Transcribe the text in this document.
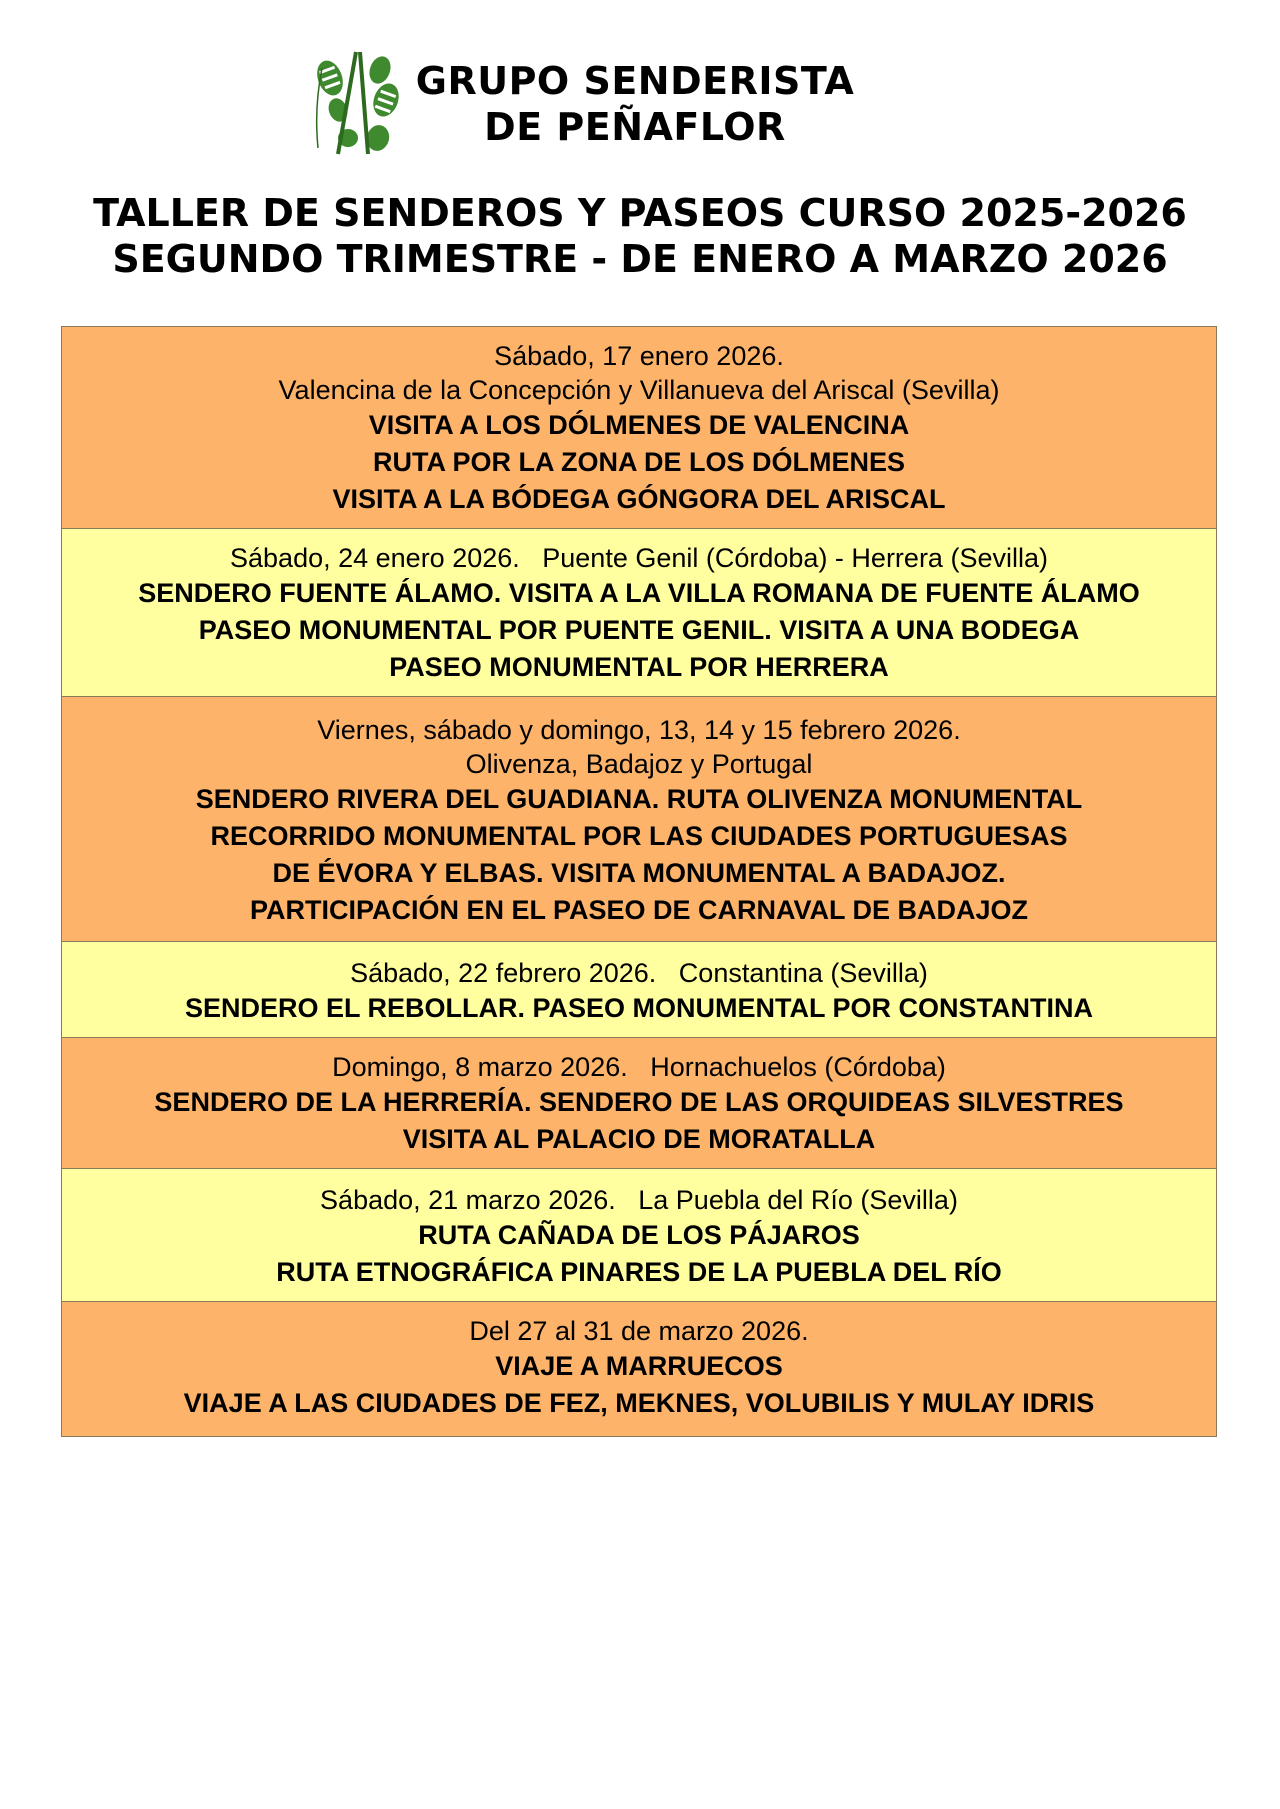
GRUPO SENDERISTA
DE PEÑAFLOR
TALLER DE SENDEROS Y PASEOS CURSO 2025-2026
SEGUNDO TRIMESTRE - DE ENERO A MARZO 2026
Sábado, 17 enero 2026.
Valencina de la Concepción y Villanueva del Ariscal (Sevilla)
VISITA A LOS DÓLMENES DE VALENCINA
RUTA POR LA ZONA DE LOS DÓLMENES
VISITA A LA BÓDEGA GÓNGORA DEL ARISCAL
Sábado, 24 enero 2026.   Puente Genil (Córdoba) - Herrera (Sevilla)
SENDERO FUENTE ÁLAMO. VISITA A LA VILLA ROMANA DE FUENTE ÁLAMO
PASEO MONUMENTAL POR PUENTE GENIL. VISITA A UNA BODEGA
PASEO MONUMENTAL POR HERRERA
Viernes, sábado y domingo, 13, 14 y 15 febrero 2026.
Olivenza, Badajoz y Portugal
SENDERO RIVERA DEL GUADIANA. RUTA OLIVENZA MONUMENTAL
RECORRIDO MONUMENTAL POR LAS CIUDADES PORTUGUESAS
DE ÉVORA Y ELBAS. VISITA MONUMENTAL A BADAJOZ.
PARTICIPACIÓN EN EL PASEO DE CARNAVAL DE BADAJOZ
Sábado, 22 febrero 2026.   Constantina (Sevilla)
SENDERO EL REBOLLAR. PASEO MONUMENTAL POR CONSTANTINA
Domingo, 8 marzo 2026.   Hornachuelos (Córdoba)
SENDERO DE LA HERRERÍA. SENDERO DE LAS ORQUIDEAS SILVESTRES
VISITA AL PALACIO DE MORATALLA
Sábado, 21 marzo 2026.   La Puebla del Río (Sevilla)
RUTA CAÑADA DE LOS PÁJAROS
RUTA ETNOGRÁFICA PINARES DE LA PUEBLA DEL RÍO
Del 27 al 31 de marzo 2026.
VIAJE A MARRUECOS
VIAJE A LAS CIUDADES DE FEZ, MEKNES, VOLUBILIS Y MULAY IDRIS
